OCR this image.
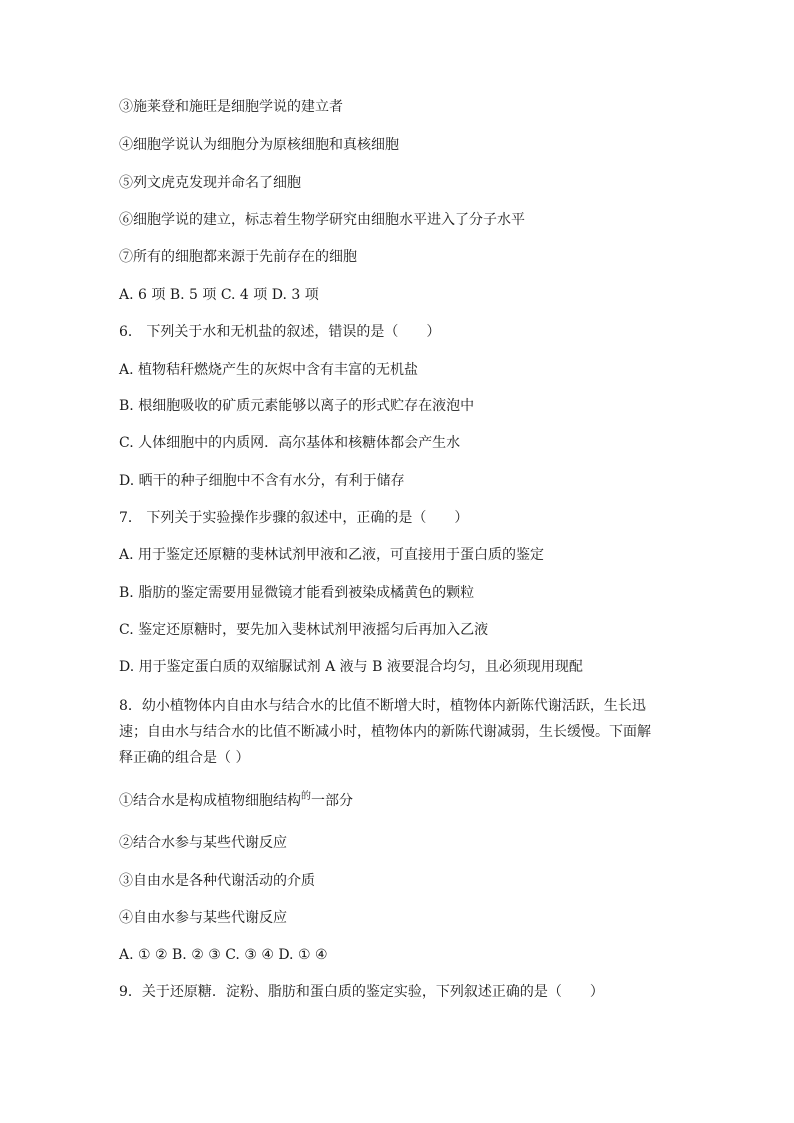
③施莱登和施旺是细胞学说的建立者
④细胞学说认为细胞分为原核细胞和真核细胞
⑤列文虎克发现并命名了细胞
⑥细胞学说的建立，标志着生物学研究由细胞水平进入了分子水平
⑦所有的细胞都来源于先前存在的细胞
A. 6 项 B. 5 项 C. 4 项 D. 3 项
6． 下列关于水和无机盐的叙述，错误的是（　　）
A. 植物秸秆燃烧产生的灰烬中含有丰富的无机盐
B. 根细胞吸收的矿质元素能够以离子的形式贮存在液泡中
C. 人体细胞中的内质网．高尔基体和核糖体都会产生水
D. 晒干的种子细胞中不含有水分，有利于储存
7． 下列关于实验操作步骤的叙述中，正确的是（　　）
A. 用于鉴定还原糖的斐林试剂甲液和乙液，可直接用于蛋白质的鉴定
B. 脂肪的鉴定需要用显微镜才能看到被染成橘黄色的颗粒
C. 鉴定还原糖时，要先加入斐林试剂甲液摇匀后再加入乙液
D. 用于鉴定蛋白质的双缩脲试剂 A 液与 B 液要混合均匀，且必须现用现配
8．幼小植物体内自由水与结合水的比值不断增大时，植物体内新陈代谢活跃，生长迅
速；自由水与结合水的比值不断减小时，植物体内的新陈代谢减弱，生长缓慢。下面解
释正确的组合是（ ）
①结合水是构成植物细胞结构$^的$一部分
②结合水参与某些代谢反应
③自由水是各种代谢活动的介质
④自由水参与某些代谢反应
A. ① ② B. ② ③ C. ③ ④ D. ① ④
9．关于还原糖．淀粉、脂肪和蛋白质的鉴定实验，下列叙述正确的是（　　）
